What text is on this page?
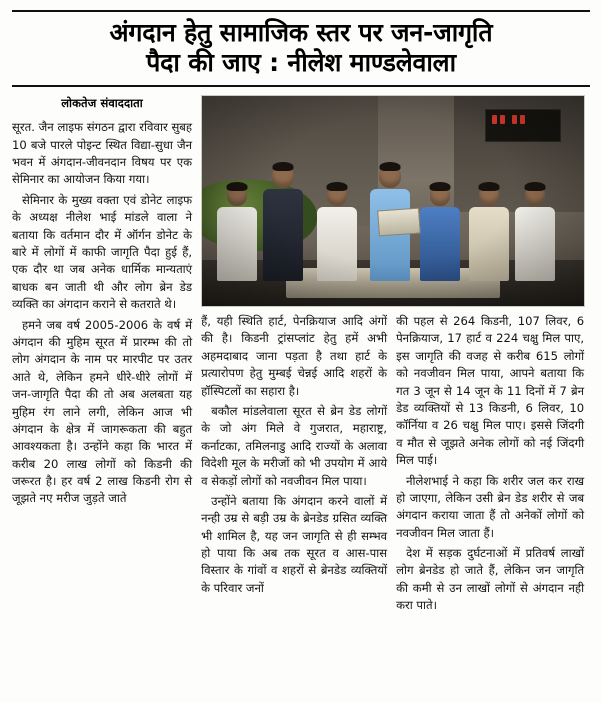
अंगदान हेतु सामाजिक स्तर पर जन-जागृति
पैदा की जाए : नीलेश माण्डलेवाला
लोकतेज संवाददाता

सूरत. जैन लाइफ संगठन द्वारा रविवार सुबह 10 बजे पारले पोइन्ट स्थित विद्या-सुधा जैन भवन में अंगदान-जीवनदान विषय पर एक सेमिनार का आयोजन किया गया।

सेमिनार के मुख्य वक्ता एवं डोनेट लाइफ के अध्यक्ष नीलेश भाई मांडले वाला ने बताया कि वर्तमान दौर में ऑर्गन डोनेट के बारे में लोगों में काफी जागृति पैदा हुई हैं, एक दौर था जब अनेक धार्मिक मान्यताएं बाधक बन जाती थी और लोग ब्रेन डेड व्यक्ति का अंगदान कराने से कतराते थे।

हमने जब वर्ष 2005-2006 के वर्ष में अंगदान की मुहिम सूरत में प्रारम्भ की तो लोग अंगदान के नाम पर मारपीट पर उतर आते थे, लेकिन हमने धीरे-धीरे लोगों में जन-जागृति पैदा की तो अब अलबता यह मुहिम रंग लाने लगी, लेकिन आज भी अंगदान के क्षेत्र में जागरूकता की बहुत आवश्यकता है। उन्होंने कहा कि भारत में करीब 20 लाख लोगों को किडनी की जरूरत है। हर वर्ष 2 लाख किडनी रोग से जूझते नए मरीज जुड़ते जाते

हैं, यही स्थिति हार्ट, पेनक्रियाज आदि अंगों की है। किडनी ट्रांसप्लांट हेतु हमें अभी अहमदाबाद जाना पड़ता है तथा हार्ट के प्रत्यारोपण हेतु मुम्बई चेन्नई आदि शहरों के हॉस्पिटलों का सहारा है।

बकौल मांडलेवाला सूरत से ब्रेन डेड लोगों के जो अंग मिले वे गुजरात, महाराष्ट्र, कर्नाटका, तमिलनाडु आदि राज्यों के अलावा विदेशी मूल के मरीजों को भी उपयोग में आये व सेकड़ों लोगों को नवजीवन मिल पाया।

उन्होंने बताया कि अंगदान करने वालों में नन्ही उम्र से बड़ी उम्र के ब्रेनडेड ग्रसित व्यक्ति भी शामिल है, यह जन जागृति से ही सम्भव हो पाया कि अब तक सूरत व आस-पास विस्तार के गांवों व शहरों से ब्रेनडेड व्यक्तियों के परिवार जनों

की पहल से 264 किडनी, 107 लिवर, 6 पेनक्रियाज, 17 हार्ट व 224 चक्षु मिल पाए, इस जागृति की वजह से करीब 615 लोगों को नवजीवन मिल पाया, आपने बताया कि गत 3 जून से 14 जून के 11 दिनों में 7 ब्रेन डेड व्यक्तियों से 13 किडनी, 6 लिवर, 10 कॉर्निया व 26 चक्षु मिल पाए। इससे जिंदगी व मौत से जूझते अनेक लोगों को नई जिंदगी मिल पाई।

नीलेशभाई ने कहा कि शरीर जल कर राख हो जाएगा, लेकिन उसी ब्रेन डेड शरीर से जब अंगदान कराया जाता हैं तो अनेकों लोगों को नवजीवन मिल जाता हैं।

देश में सड़क दुर्घटनाओं में प्रतिवर्ष लाखों लोग ब्रेनडेड हो जाते हैं, लेकिन जन जागृति की कमी से उन लाखों लोगों से अंगदान नही करा पाते।
